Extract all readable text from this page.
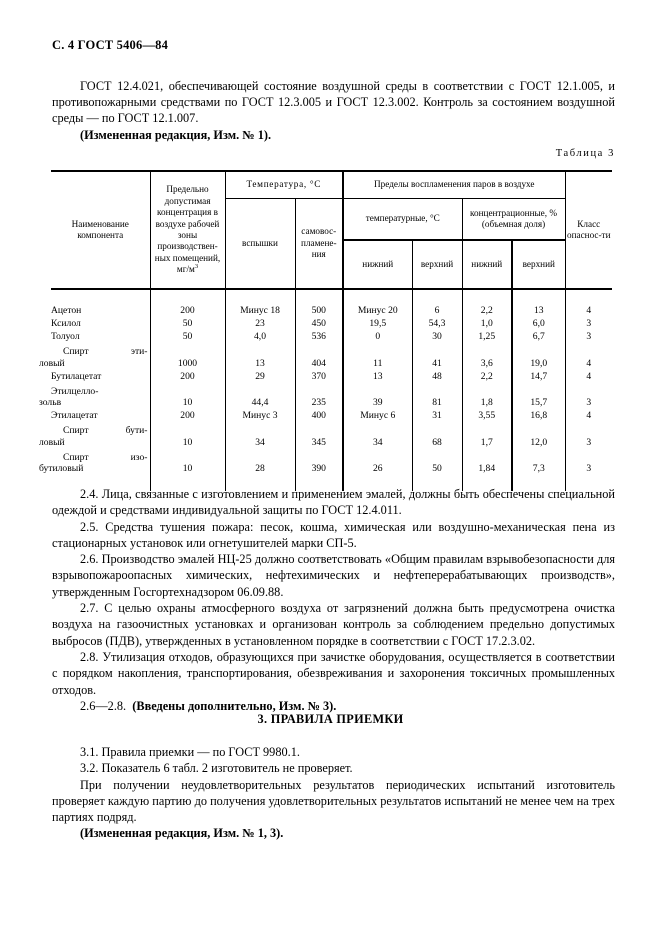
С. 4 ГОСТ 5406—84

ГОСТ 12.4.021, обеспечивающей состояние воздушной среды в соответствии с ГОСТ 12.1.005, и противопожарными средствами по ГОСТ 12.3.005 и ГОСТ 12.3.002. Контроль за состоянием воздушной среды — по ГОСТ 12.1.007.

(Измененная редакция, Изм. № 1).

Таблица 3
Наименование компонента	Предельно допустимая концентрация в воздухе рабочей зоны производствен-ных помещений, $мг/м^3$	Температура, °С		Пределы воспламенения паров в воздухе				Класс опаснос-ти
		вспышки	самовос-пламене-ния	температурные, °С		концентрационные, % (объемная доля)		
				нижний	верхний	нижний	верхний	

Ацетон	200	Минус 18	500	Минус 20	6	2,2	13	4

Ксилол	50	23	450	19,5	54,3	1,0	6,0	3

Толуол	50	4,0	536	0	30	1,25	6,7	3

Спирт эти-
ловый	1000	13	404	11	41	3,6	19,0	4

Бутилацетат	200	29	370	13	48	2,2	14,7	4

Этилцелло-
зольв	10	44,4	235	39	81	1,8	15,7	3

Этилацетат	200	Минус 3	400	Минус 6	31	3,55	16,8	4

Спирт бути-
ловый	10	34	345	34	68	1,7	12,0	3

Спирт изо-
бутиловый	10	28	390	26	50	1,84	7,3	3

2.4. Лица, связанные с изготовлением и применением эмалей, должны быть обеспечены специальной одеждой и средствами индивидуальной защиты по ГОСТ 12.4.011.

2.5. Средства тушения пожара: песок, кошма, химическая или воздушно-механическая пена из стационарных установок или огнетушителей марки СП-5.

2.6. Производство эмалей НЦ-25 должно соответствовать «Общим правилам взрывобезопасности для взрывопожароопасных химических, нефтехимических и нефтеперерабатывающих производств», утвержденным Госгортехнадзором 06.09.88.

2.7. С целью охраны атмосферного воздуха от загрязнений должна быть предусмотрена очистка воздуха на газоочистных установках и организован контроль за соблюдением предельно допустимых выбросов (ПДВ), утвержденных в установленном порядке в соответствии с ГОСТ 17.2.3.02.

2.8. Утилизация отходов, образующихся при зачистке оборудования, осуществляется в соответствии с порядком накопления, транспортирования, обезвреживания и захоронения токсичных промышленных отходов.

2.6—2.8.  (Введены дополнительно, Изм. № 3).

3. ПРАВИЛА ПРИЕМКИ

3.1. Правила приемки — по ГОСТ 9980.1.

3.2. Показатель 6 табл. 2 изготовитель не проверяет.

При получении неудовлетворительных результатов периодических испытаний изготовитель проверяет каждую партию до получения удовлетворительных результатов испытаний не менее чем на трех партиях подряд.

(Измененная редакция, Изм. № 1, 3).
